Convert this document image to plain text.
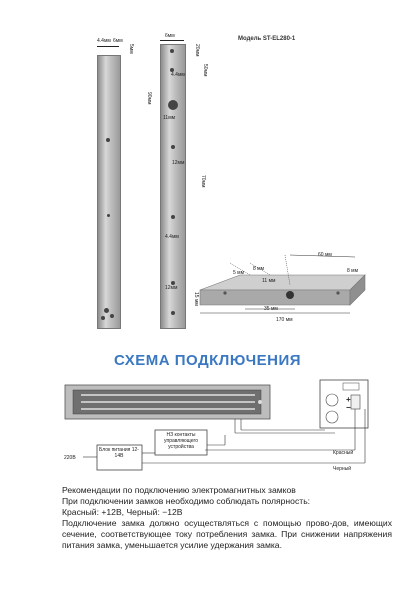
Модель ST-EL280-1
4.4мм 6мм
5мм
6мм
20мм
50мм
4.4мм
90мм
11мм
12мм
70мм
4.4мм
12мм
60 мм
5 мм
8 мм
11 мм
8 мм
15 мм
35 мм
170 мм
СХЕМА ПОДКЛЮЧЕНИЯ
+
−
Блок питания 12-14В
НЗ контакты управляющего устройства
220В
Красный
Черный

Рекомендации по подключению электромагнитных замков

При подключении замков необходимо соблюдать полярность:

Красный: +12В, Черный: −12В

Подключение замка должно осуществляться с помощью прово-дов, имеющих сечение, соответствующее току потребления замка. При снижении напряжения питания замка, уменьшается усилие удержания замка.
